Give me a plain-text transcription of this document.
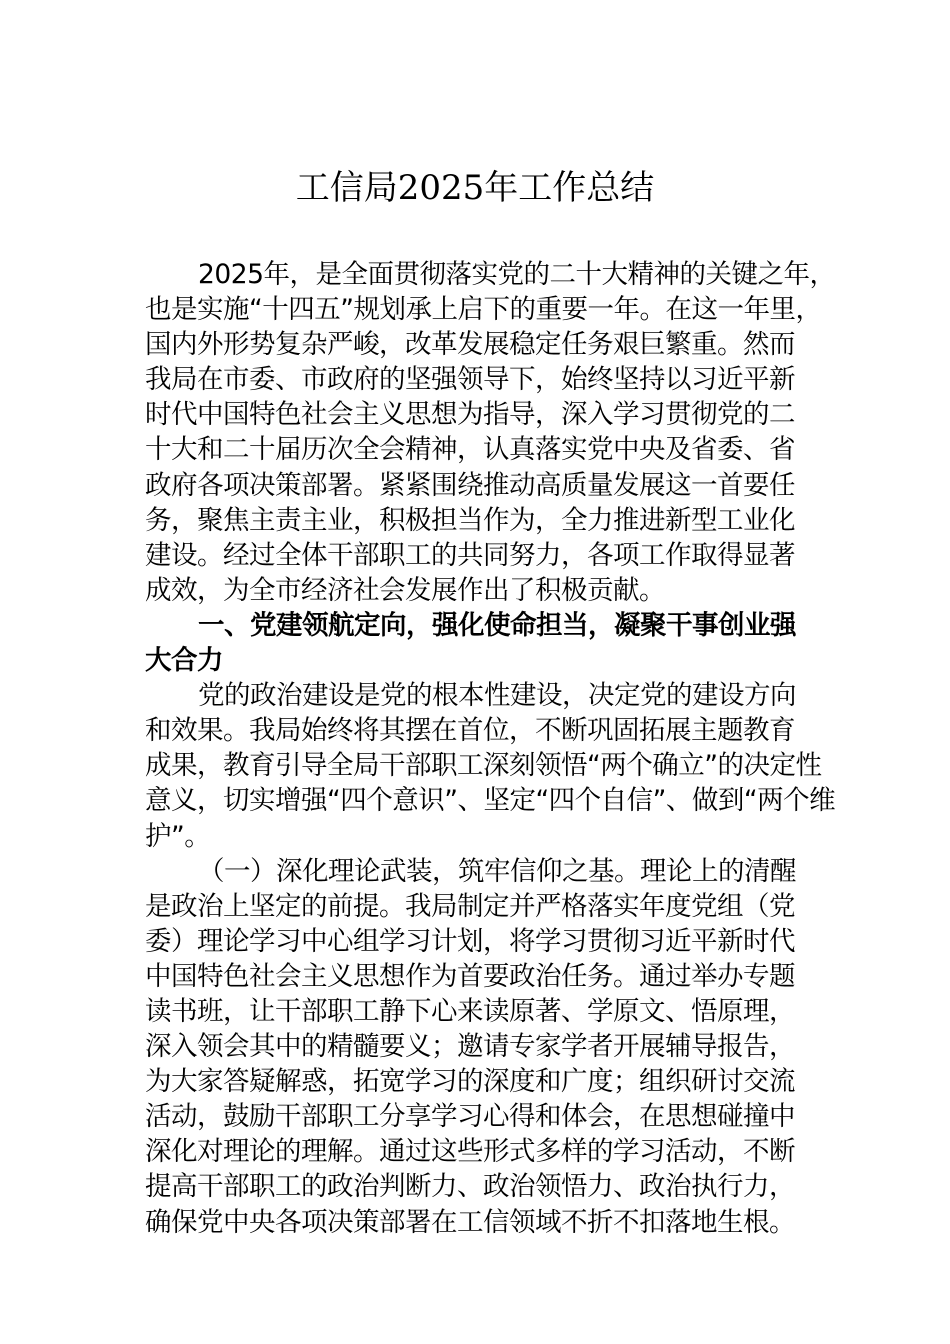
工信局2025年工作总结
2025年，是全面贯彻落实党的二十大精神的关键之年，
也是实施“十四五”规划承上启下的重要一年。在这一年里，
国内外形势复杂严峻，改革发展稳定任务艰巨繁重。然而
我局在市委、市政府的坚强领导下，始终坚持以习近平新
时代中国特色社会主义思想为指导，深入学习贯彻党的二
十大和二十届历次全会精神，认真落实党中央及省委、省
政府各项决策部署。紧紧围绕推动高质量发展这一首要任
务，聚焦主责主业，积极担当作为，全力推进新型工业化
建设。经过全体干部职工的共同努力，各项工作取得显著
成效，为全市经济社会发展作出了积极贡献。
一、党建领航定向，强化使命担当，凝聚干事创业强
大合力
党的政治建设是党的根本性建设，决定党的建设方向
和效果。我局始终将其摆在首位，不断巩固拓展主题教育
成果，教育引导全局干部职工深刻领悟“两个确立”的决定性
意义，切实增强“四个意识”、坚定“四个自信”、做到“两个维
护”。
（一）深化理论武装，筑牢信仰之基。理论上的清醒
是政治上坚定的前提。我局制定并严格落实年度党组（党
委）理论学习中心组学习计划，将学习贯彻习近平新时代
中国特色社会主义思想作为首要政治任务。通过举办专题
读书班，让干部职工静下心来读原著、学原文、悟原理，
深入领会其中的精髓要义；邀请专家学者开展辅导报告，
为大家答疑解惑，拓宽学习的深度和广度；组织研讨交流
活动，鼓励干部职工分享学习心得和体会，在思想碰撞中
深化对理论的理解。通过这些形式多样的学习活动，不断
提高干部职工的政治判断力、政治领悟力、政治执行力，
确保党中央各项决策部署在工信领域不折不扣落地生根。
